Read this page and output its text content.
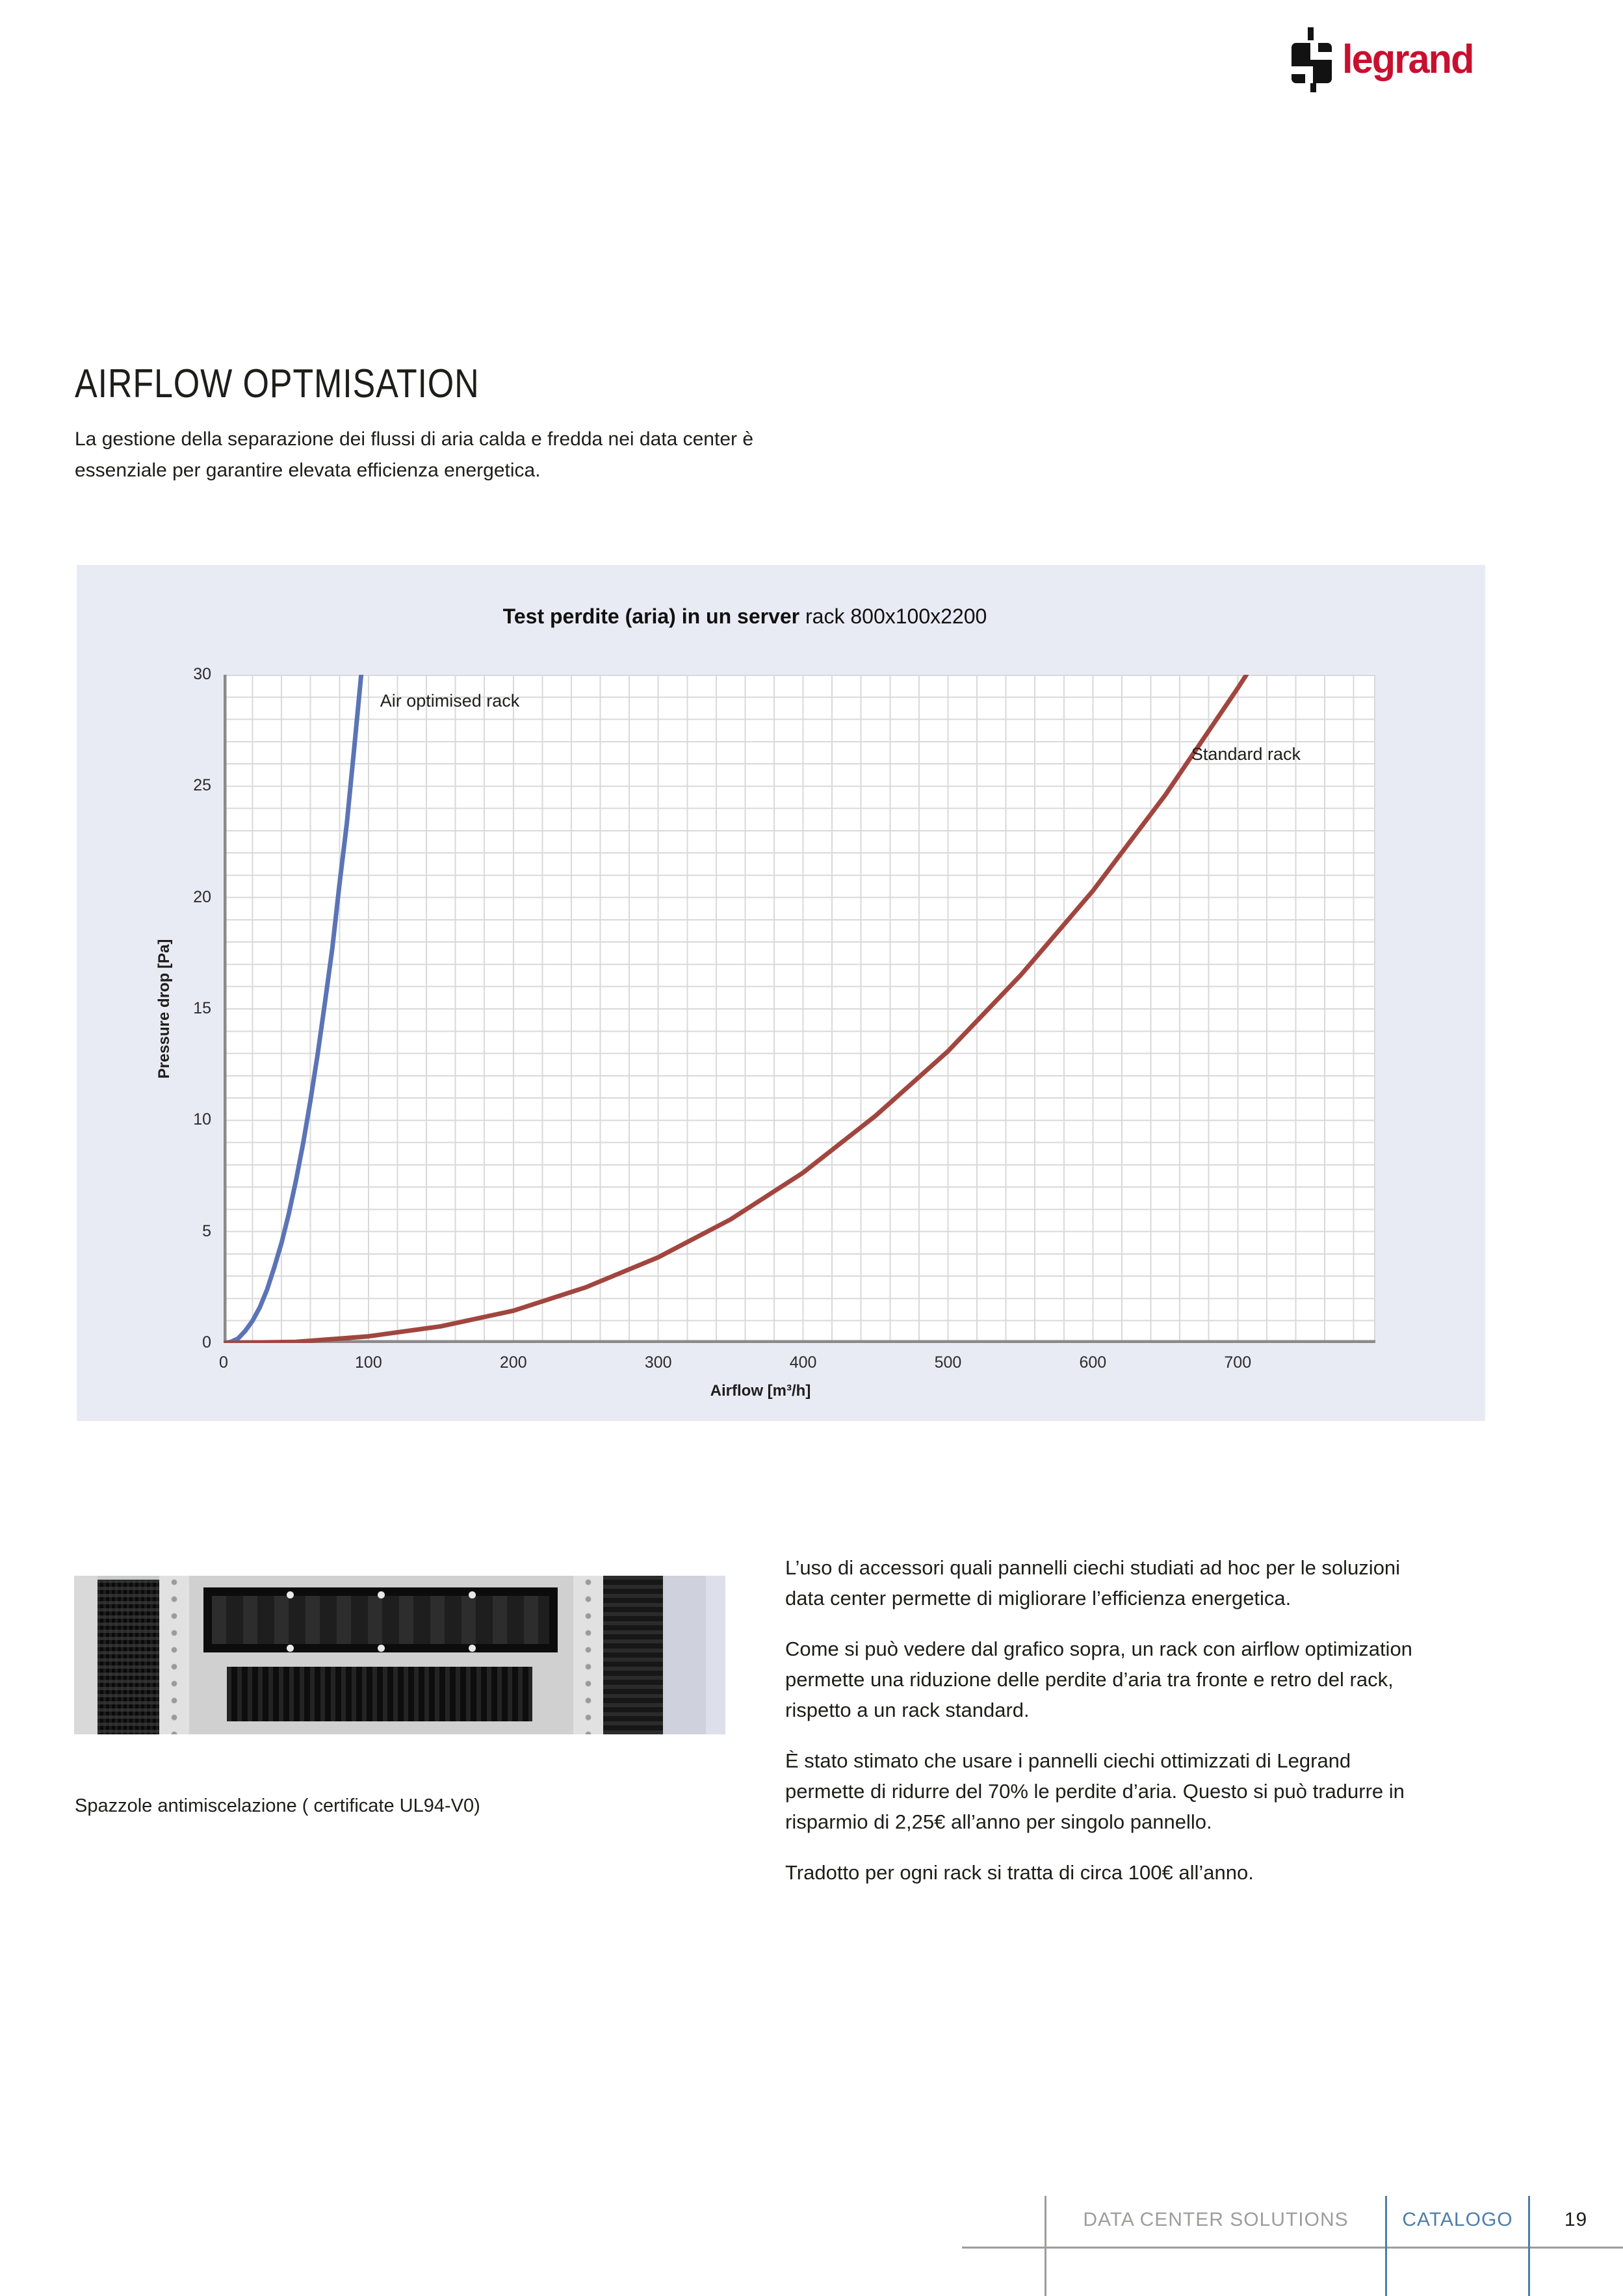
legrand
AIRFLOW OPTMISATION
La gestione della separazione dei flussi di aria calda e fredda nei data center è essenziale per garantire elevata efficienza energetica.
Test perdite (aria) in un server rack 800x100x2200
Pressure drop [Pa]
Airflow [m³/h]
0
5
10
15
20
25
30
0	100	200	300	400	500	600	700
Air optimised rack
Standard rack
Spazzole antimiscelazione ( certificate UL94-V0)

L’uso di accessori quali pannelli ciechi studiati ad hoc per le soluzioni data center permette di migliorare l’efficienza energetica.

Come si può vedere dal grafico sopra, un rack con airflow optimization permette una riduzione delle perdite d’aria tra fronte e retro del rack, rispetto a un rack standard.

È stato stimato che usare i pannelli ciechi ottimizzati di Legrand permette di ridurre del 70% le perdite d’aria. Questo si può tradurre in risparmio di 2,25€ all’anno per singolo pannello.

Tradotto per ogni rack si tratta di circa 100€ all’anno.

DATA CENTER SOLUTIONS	CATALOGO	19
